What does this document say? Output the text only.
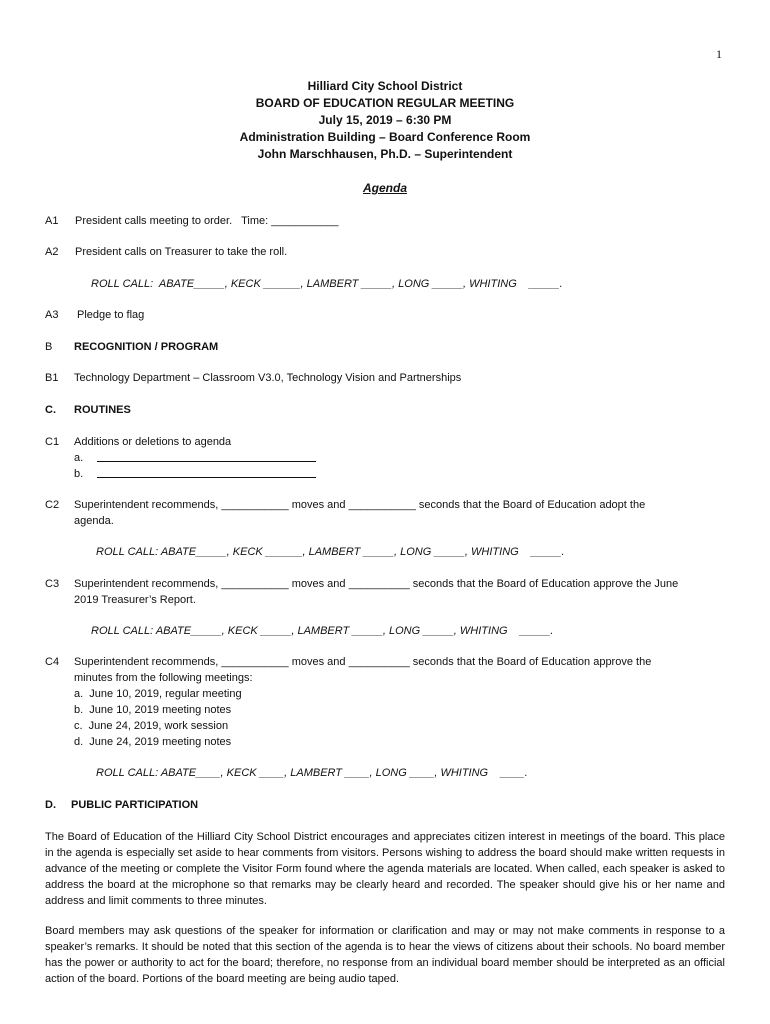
1
Hilliard City School District
BOARD OF EDUCATION REGULAR MEETING
July 15, 2019 – 6:30 PM
Administration Building – Board Conference Room
John Marschhausen, Ph.D. – Superintendent
Agenda
A1 President calls meeting to order.   Time: ___________
A2 President calls on Treasurer to take the roll.
ROLL CALL:  ABATE_____, KECK ______, LAMBERT _____, LONG _____, WHITING    _____.
A3 Pledge to flag
B RECOGNITION / PROGRAM
B1 Technology Department – Classroom V3.0, Technology Vision and Partnerships
C. ROUTINES
C1 Additions or deletions to agenda
a.
b.
C2 Superintendent recommends, ___________ moves and ___________ seconds that the Board of Education adopt the
agenda.
ROLL CALL: ABATE_____, KECK ______, LAMBERT _____, LONG _____, WHITING    _____.
C3 Superintendent recommends, ___________ moves and __________ seconds that the Board of Education approve the June
2019 Treasurer’s Report.
ROLL CALL: ABATE_____, KECK _____, LAMBERT _____, LONG _____, WHITING    _____.
C4 Superintendent recommends, ___________ moves and __________ seconds that the Board of Education approve the
minutes from the following meetings:
a.  June 10, 2019, regular meeting
b.  June 10, 2019 meeting notes
c.  June 24, 2019, work session
d.  June 24, 2019 meeting notes
ROLL CALL: ABATE____, KECK ____, LAMBERT ____, LONG ____, WHITING    ____.
D. PUBLIC PARTICIPATION
The Board of Education of the Hilliard City School District encourages and appreciates citizen interest in meetings of the board. This place in the agenda is especially set aside to hear comments from visitors. Persons wishing to address the board should make written requests in advance of the meeting or complete the Visitor Form found where the agenda materials are located. When called, each speaker is asked to address the board at the microphone so that remarks may be clearly heard and recorded. The speaker should give his or her name and address and limit comments to three minutes.
Board members may ask questions of the speaker for information or clarification and may or may not make comments in response to a speaker’s remarks. It should be noted that this section of the agenda is to hear the views of citizens about their schools. No board member has the power or authority to act for the board; therefore, no response from an individual board member should be interpreted as an official action of the board. Portions of the board meeting are being audio taped.
